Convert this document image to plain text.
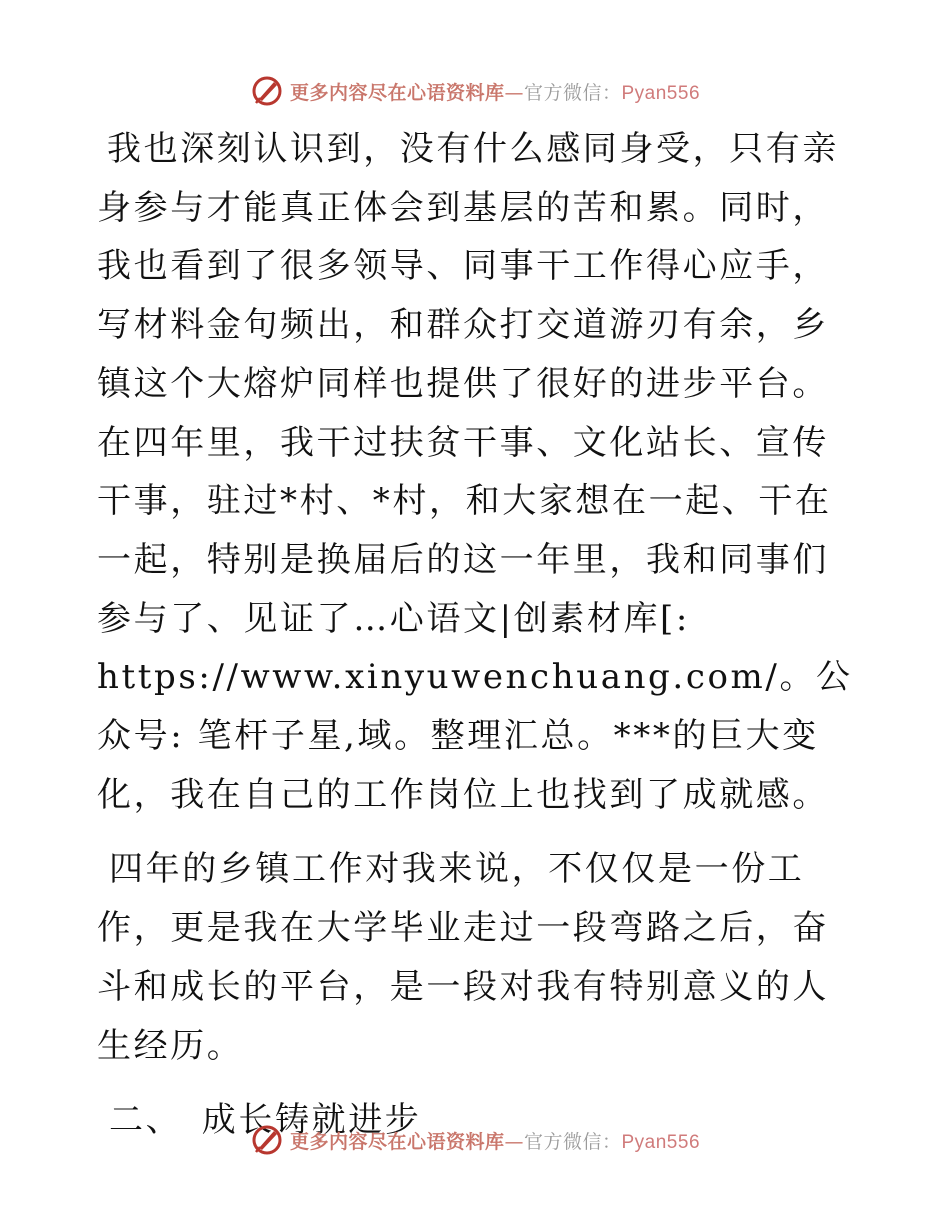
更多内容尽在心语资料库—官方微信：Pyan556

我也深刻认识到，没有什么感同身受，只有亲身参与才能真正体会到基层的苦和累。同时，我也看到了很多领导、同事干工作得心应手，写材料金句频出，和群众打交道游刃有余，乡镇这个大熔炉同样也提供了很好的进步平台。在四年里，我干过扶贫干事、文化站长、宣传干事，驻过*村、*村，和大家想在一起、干在一起，特别是换届后的这一年里，我和同事们参与了、见证了…心语文|创素材库[: https://www.xinyuwenchuang.com/。公众号: 笔杆子星,域。整理汇总。***的巨大变化，我在自己的工作岗位上也找到了成就感。

四年的乡镇工作对我来说，不仅仅是一份工作，更是我在大学毕业走过一段弯路之后，奋斗和成长的平台，是一段对我有特别意义的人生经历。

二、　成长铸就进步
更多内容尽在心语资料库—官方微信：Pyan556
